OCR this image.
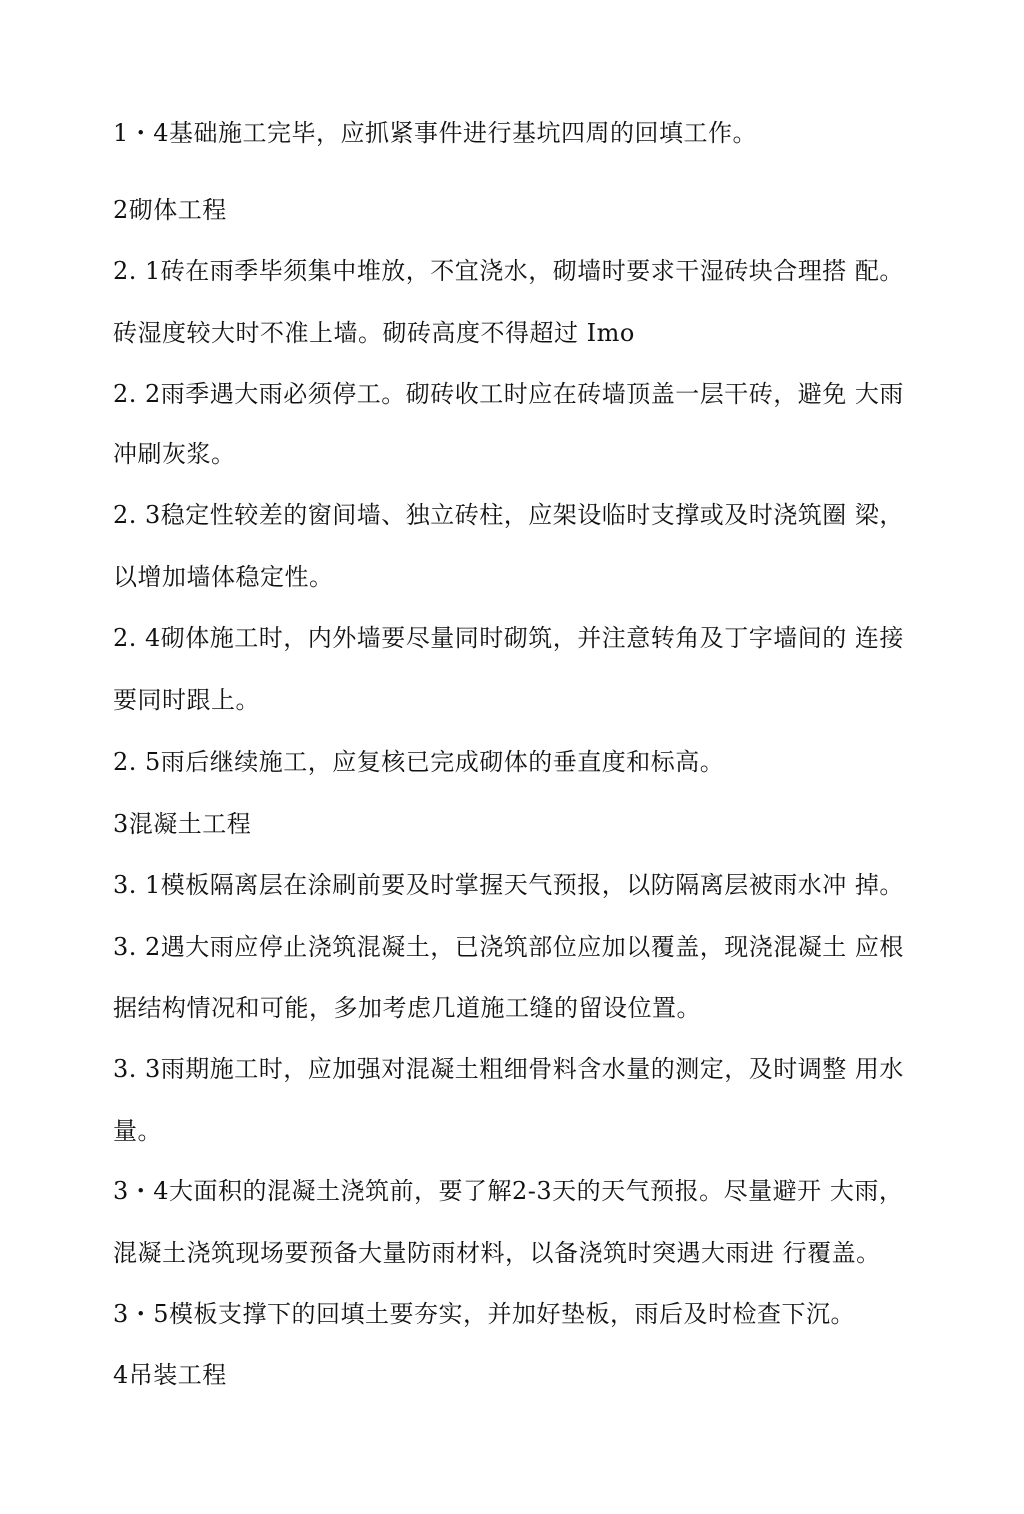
1・4基础施工完毕，应抓紧事件进行基坑四周的回填工作。
2砌体工程
2. 1砖在雨季毕须集中堆放，不宜浇水，砌墙时要求干湿砖块合理搭 配。
砖湿度较大时不准上墙。砌砖高度不得超过 Imo
2. 2雨季遇大雨必须停工。砌砖收工时应在砖墙顶盖一层干砖，避免 大雨
冲刷灰浆。
2. 3稳定性较差的窗间墙、独立砖柱，应架设临时支撑或及时浇筑圈 梁，
以增加墙体稳定性。
2. 4砌体施工时，内外墙要尽量同时砌筑，并注意转角及丁字墙间的 连接
要同时跟上。
2. 5雨后继续施工，应复核已完成砌体的垂直度和标高。
3混凝土工程
3. 1模板隔离层在涂刷前要及时掌握天气预报，以防隔离层被雨水冲 掉。
3. 2遇大雨应停止浇筑混凝土，已浇筑部位应加以覆盖，现浇混凝土 应根
据结构情况和可能，多加考虑几道施工缝的留设位置。
3. 3雨期施工时，应加强对混凝土粗细骨料含水量的测定，及时调整 用水
量。
3・4大面积的混凝土浇筑前，要了解2-3天的天气预报。尽量避开 大雨，
混凝土浇筑现场要预备大量防雨材料，以备浇筑时突遇大雨进 行覆盖。
3・5模板支撑下的回填土要夯实，并加好垫板，雨后及时检查下沉。
4吊装工程
